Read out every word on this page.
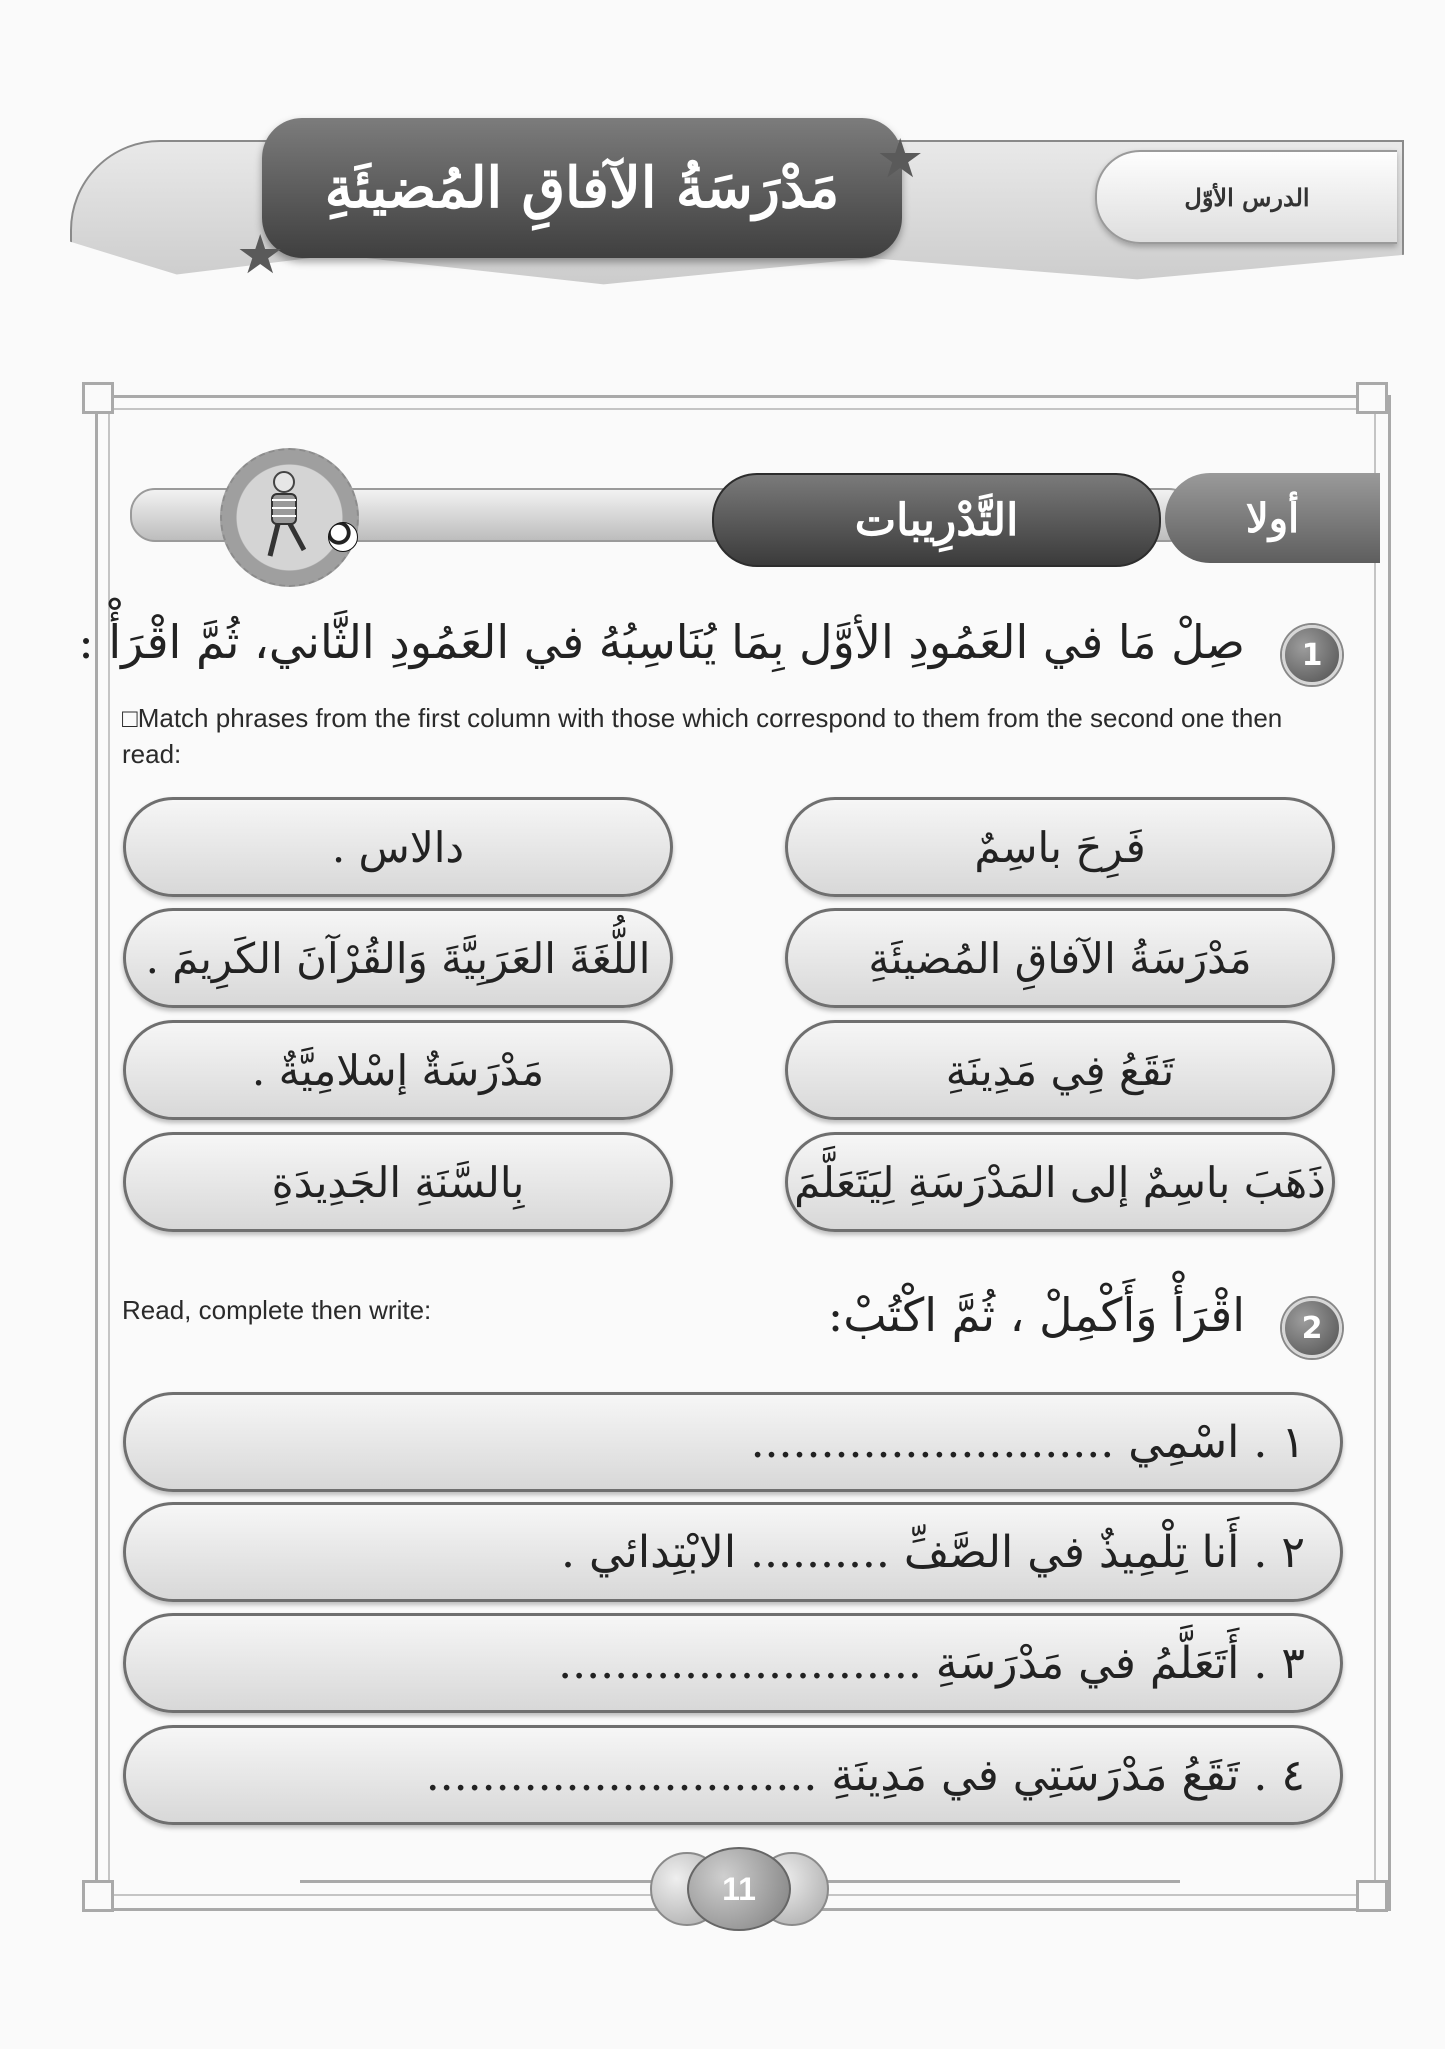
مَدْرَسَةُ الآفاقِ المُضيئَةِ
★
★
الدرس الأوّل
التَّدْرِيبات	أولا
1
صِلْ مَا في العَمُودِ الأوَّل بِمَا يُنَاسِبُهُ في العَمُودِ الثَّاني، ثُمَّ اقْرَأْ :
□Match phrases from the first column with those which correspond to them from the second one then read:
فَرِحَ باسِمٌ
مَدْرَسَةُ الآفاقِ المُضيئَةِ
تَقَعُ فِي مَدِينَةِ
ذَهَبَ باسِمٌ إلى المَدْرَسَةِ لِيَتَعَلَّمَ
دالاس .
اللُّغَةَ العَرَبِيَّةَ وَالقُرْآنَ الكَرِيمَ .
مَدْرَسَةٌ إسْلامِيَّةٌ .
بِالسَّنَةِ الجَدِيدَةِ
Read, complete then write:
2
اقْرَأْ وَأَكْمِلْ ، ثُمَّ اكْتُبْ:
١ . اسْمِي ..........................
٢ . أَنا تِلْمِيذٌ في الصَّفِّ .......... الابْتِدائي .
٣ . أَتَعَلَّمُ في مَدْرَسَةِ ..........................
٤ . تَقَعُ مَدْرَسَتِي في مَدِينَةِ ............................
11
